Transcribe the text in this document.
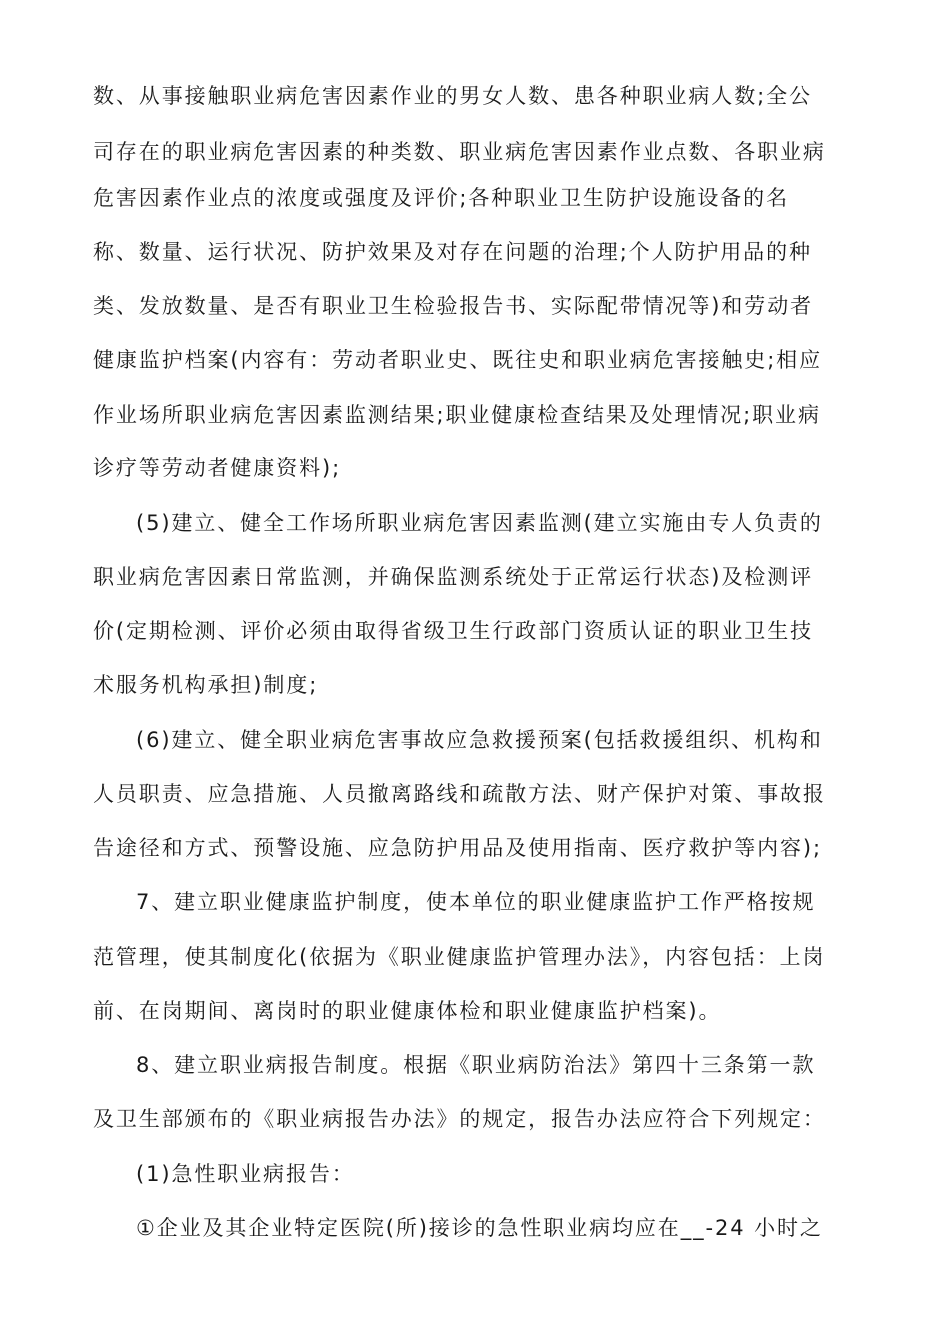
数、从事接触职业病危害因素作业的男女人数、患各种职业病人数;全公
司存在的职业病危害因素的种类数、职业病危害因素作业点数、各职业病
危害因素作业点的浓度或强度及评价;各种职业卫生防护设施设备的名
称、数量、运行状况、防护效果及对存在问题的治理;个人防护用品的种
类、发放数量、是否有职业卫生检验报告书、实际配带情况等)和劳动者
健康监护档案(内容有：劳动者职业史、既往史和职业病危害接触史;相应
作业场所职业病危害因素监测结果;职业健康检查结果及处理情况;职业病
诊疗等劳动者健康资料);
(5)建立、健全工作场所职业病危害因素监测(建立实施由专人负责的
职业病危害因素日常监测，并确保监测系统处于正常运行状态)及检测评
价(定期检测、评价必须由取得省级卫生行政部门资质认证的职业卫生技
术服务机构承担)制度;
(6)建立、健全职业病危害事故应急救援预案(包括救援组织、机构和
人员职责、应急措施、人员撤离路线和疏散方法、财产保护对策、事故报
告途径和方式、预警设施、应急防护用品及使用指南、医疗救护等内容);
7、建立职业健康监护制度，使本单位的职业健康监护工作严格按规
范管理，使其制度化(依据为《职业健康监护管理办法》，内容包括：上岗
前、在岗期间、离岗时的职业健康体检和职业健康监护档案)。
8、建立职业病报告制度。根据《职业病防治法》第四十三条第一款
及卫生部颁布的《职业病报告办法》的规定，报告办法应符合下列规定：
(1)急性职业病报告：
①企业及其企业特定医院(所)接诊的急性职业病均应在__-24 小时之
